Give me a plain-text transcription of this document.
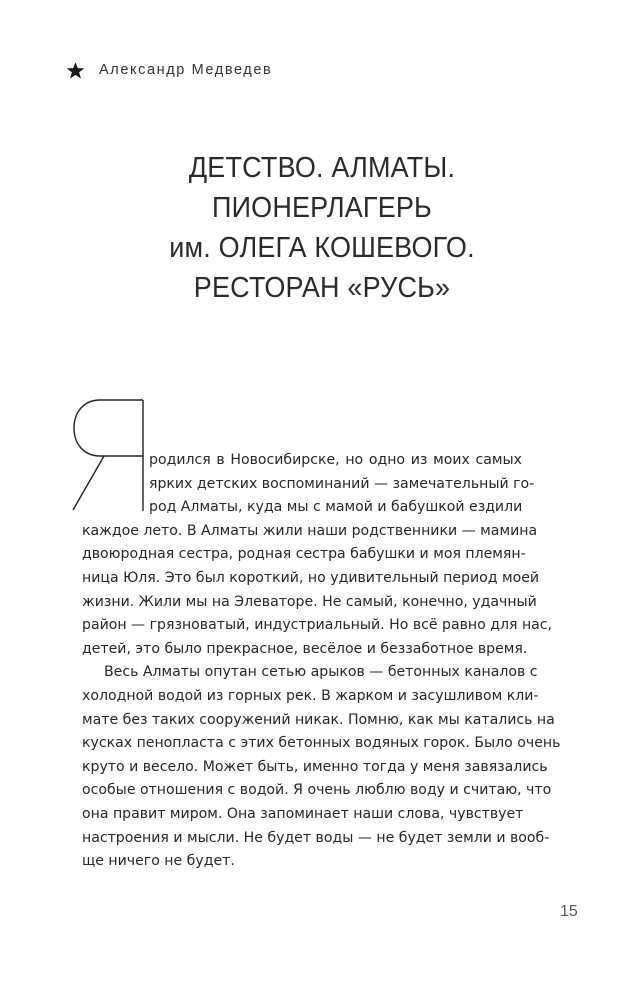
Александр Медведев
ДЕТСТВО. АЛМАТЫ.
ПИОНЕРЛАГЕРЬ
им. ОЛЕГА КОШЕВОГО.
РЕСТОРАН «РУСЬ»
родился в Новосибирске, но одно из моих самых
ярких детских воспоминаний — замечательный го-
род Алматы, куда мы с мамой и бабушкой ездили
каждое лето. В Алматы жили наши родственники — мамина
двоюродная сестра, родная сестра бабушки и моя племян-
ница Юля. Это был короткий, но удивительный период моей
жизни. Жили мы на Элеваторе. Не самый, конечно, удачный
район — грязноватый, индустриальный. Но всё равно для нас,
детей, это было прекрасное, весёлое и беззаботное время.
Весь Алматы опутан сетью арыков — бетонных каналов с
холодной водой из горных рек. В жарком и засушливом кли-
мате без таких сооружений никак. Помню, как мы катались на
кусках пенопласта с этих бетонных водяных горок. Было очень
круто и весело. Может быть, именно тогда у меня завязались
особые отношения с водой. Я очень люблю воду и считаю, что
она правит миром. Она запоминает наши слова, чувствует
настроения и мысли. Не будет воды — не будет земли и вооб-
ще ничего не будет.
15
